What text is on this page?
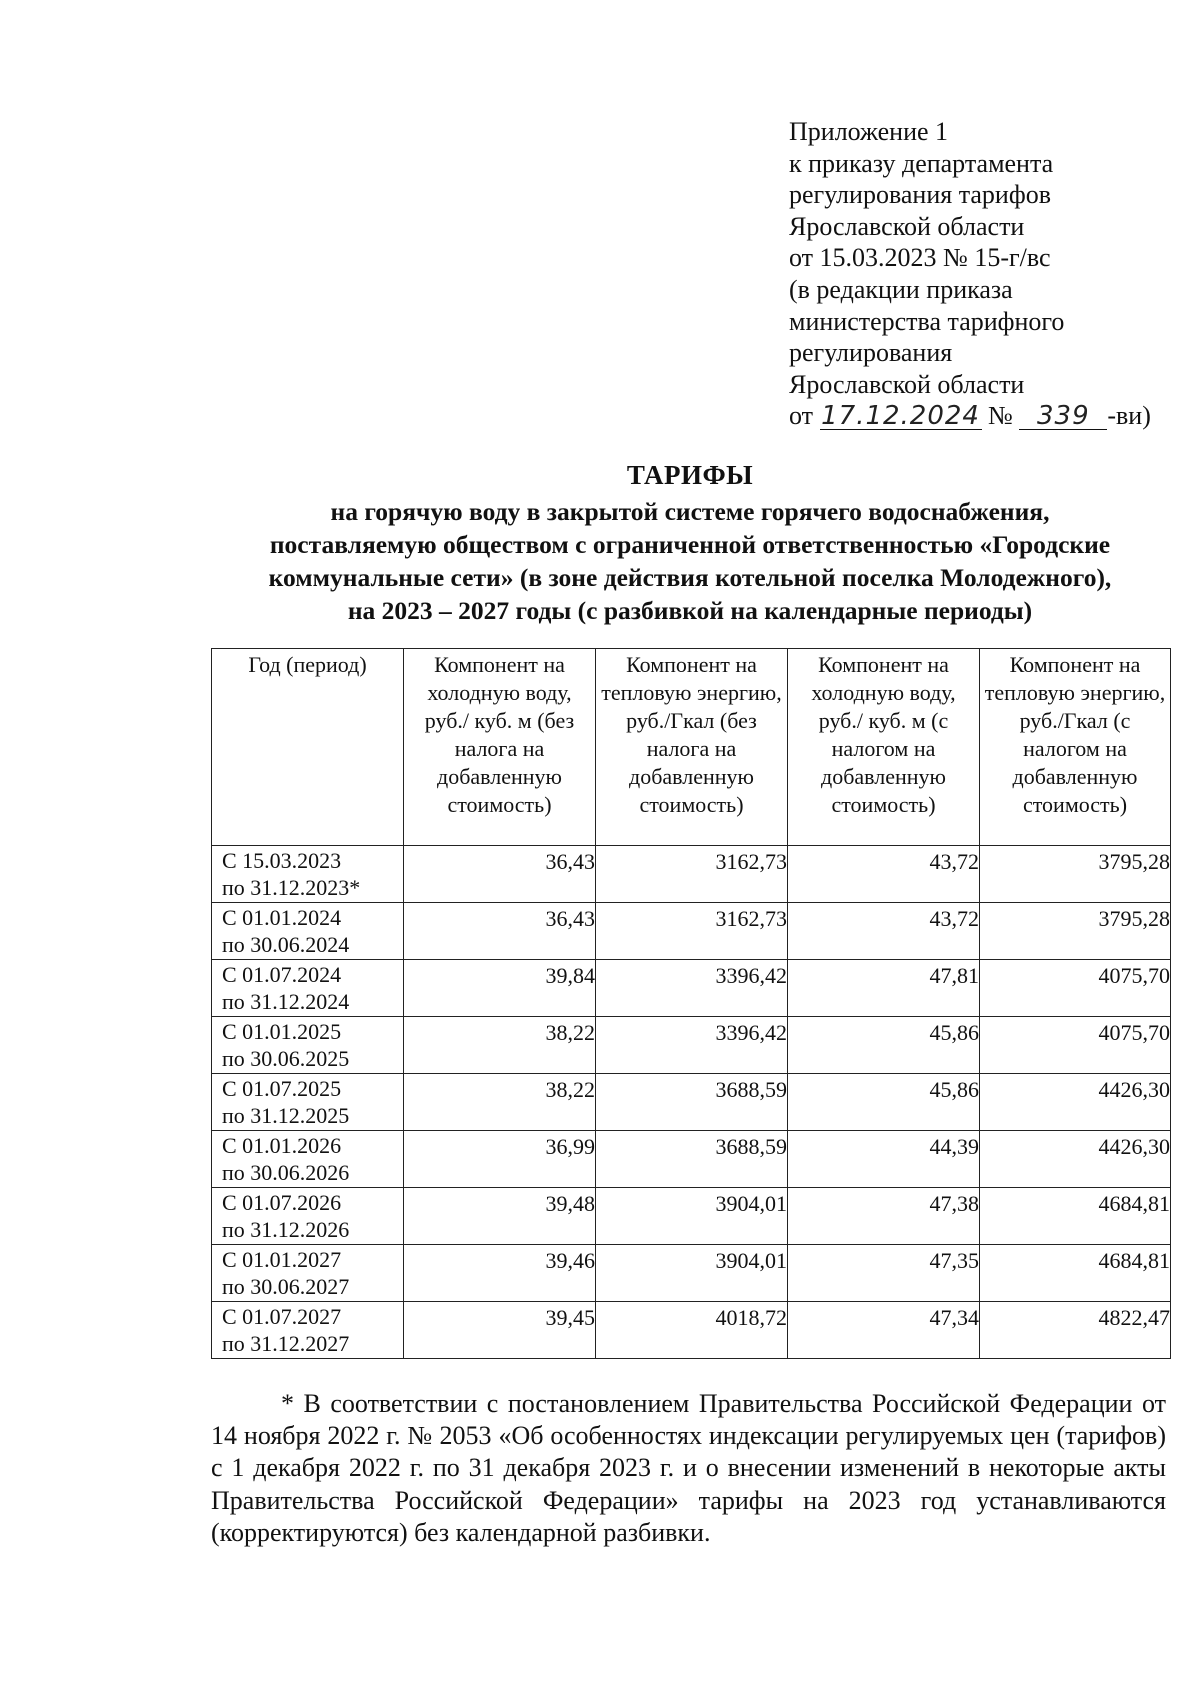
Приложение 1
к приказу департамента
регулирования тарифов
Ярославской области
от 15.03.2023 № 15-г/вс
(в редакции приказа
министерства тарифного
регулирования
Ярославской области
от 17.12.2024 № 339 -ви)
ТАРИФЫ
на горячую воду в закрытой системе горячего водоснабжения,
поставляемую обществом с ограниченной ответственностью «Городские
коммунальные сети» (в зоне действия котельной поселка Молодежного),
на 2023 – 2027 годы (с разбивкой на календарные периоды)
Год (период)	Компонент на холодную воду, руб./ куб. м (без налога на добавленную стоимость)	Компонент на тепловую энергию, руб./Гкал (без налога на добавленную стоимость)	Компонент на холодную воду, руб./ куб. м (с налогом на добавленную стоимость)	Компонент на тепловую энергию, руб./Гкал (с налогом на добавленную стоимость)

С 15.03.2023
по 31.12.2023*	36,43	3162,73	43,72	3795,28

С 01.01.2024
по 30.06.2024	36,43	3162,73	43,72	3795,28

С 01.07.2024
по 31.12.2024	39,84	3396,42	47,81	4075,70

С 01.01.2025
по 30.06.2025	38,22	3396,42	45,86	4075,70

С 01.07.2025
по 31.12.2025	38,22	3688,59	45,86	4426,30

С 01.01.2026
по 30.06.2026	36,99	3688,59	44,39	4426,30

С 01.07.2026
по 31.12.2026	39,48	3904,01	47,38	4684,81

С 01.01.2027
по 30.06.2027	39,46	3904,01	47,35	4684,81

С 01.07.2027
по 31.12.2027	39,45	4018,72	47,34	4822,47

* В соответствии с постановлением Правительства Российской Федерации от 14 ноября 2022 г. № 2053 «Об особенностях индексации регулируемых цен (тарифов) с 1 декабря 2022 г. по 31 декабря 2023 г. и о внесении изменений в некоторые акты Правительства Российской Федерации» тарифы на 2023 год устанавливаются (корректируются) без календарной разбивки.
